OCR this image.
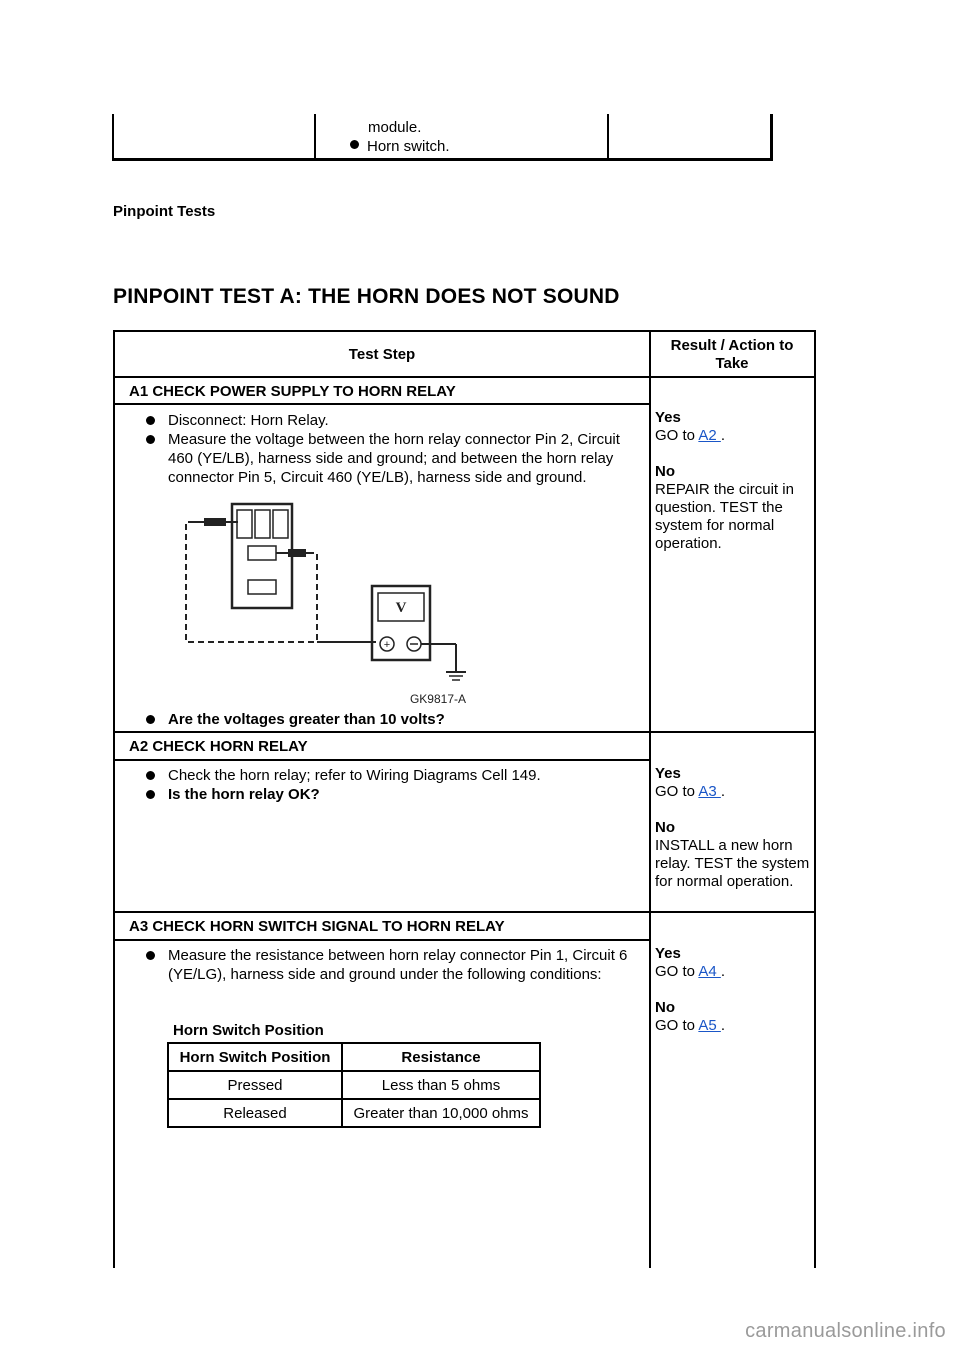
module.
Horn switch.
Pinpoint Tests
PINPOINT TEST A: THE HORN DOES NOT SOUND
Test Step
Result / Action to Take
A1 CHECK POWER SUPPLY TO HORN RELAY
Disconnect: Horn Relay.
Measure the voltage between the horn relay connector Pin 2, Circuit 460 (YE/LB), harness side and ground; and between the horn relay connector Pin 5, Circuit 460 (YE/LB), harness side and ground.
V
+
GK9817-A
Are the voltages greater than 10 volts?
Yes

GO to A2 .

No
REPAIR the circuit in question. TEST the system for normal operation.
A2 CHECK HORN RELAY
Check the horn relay; refer to Wiring Diagrams Cell 149.
Is the horn relay OK?
Yes

GO to A3 .

No
INSTALL a new horn relay. TEST the system for normal operation.
A3 CHECK HORN SWITCH SIGNAL TO HORN RELAY
Measure the resistance between horn relay connector Pin 1, Circuit 6 (YE/LG), harness side and ground under the following conditions:
Horn Switch Position
Horn Switch Position	Resistance
Pressed	Less than 5 ohms
Released	Greater than 10,000 ohms
Yes

GO to A4 .

No
GO to A5 .
carmanualsonline.info
